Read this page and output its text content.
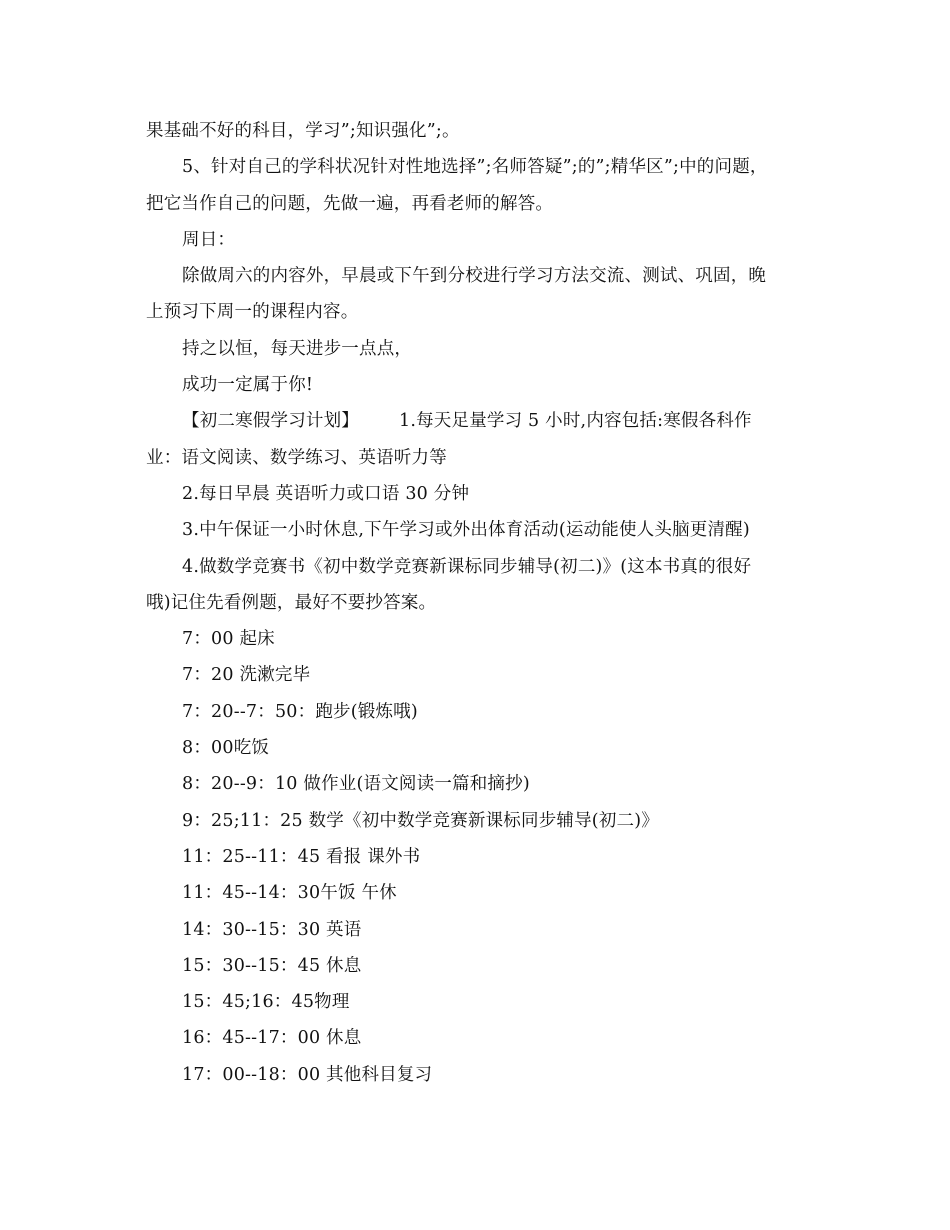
果基础不好的科目，学习”;知识强化”;。
5、针对自己的学科状况针对性地选择”;名师答疑”;的”;精华区”;中的问题，
把它当作自己的问题，先做一遍，再看老师的解答。
周日：
除做周六的内容外，早晨或下午到分校进行学习方法交流、测试、巩固，晚
上预习下周一的课程内容。
持之以恒，每天进步一点点，
成功一定属于你!
【初二寒假学习计划】 1.每天足量学习 5 小时,内容包括:寒假各科作
业：语文阅读、数学练习、英语听力等
2.每日早晨 英语听力或口语 30 分钟
3.中午保证一小时休息,下午学习或外出体育活动(运动能使人头脑更清醒)
4.做数学竞赛书《初中数学竞赛新课标同步辅导(初二)》(这本书真的很好
哦)记住先看例题，最好不要抄答案。
7：00 起床
7：20 洗漱完毕
7：20--7：50：跑步(锻炼哦)
8：00吃饭
8：20--9：10 做作业(语文阅读一篇和摘抄)
9：25;11：25 数学《初中数学竞赛新课标同步辅导(初二)》
11：25--11：45 看报 课外书
11：45--14：30午饭 午休
14：30--15：30 英语
15：30--15：45 休息
15：45;16：45物理
16：45--17：00 休息
17：00--18：00 其他科目复习
